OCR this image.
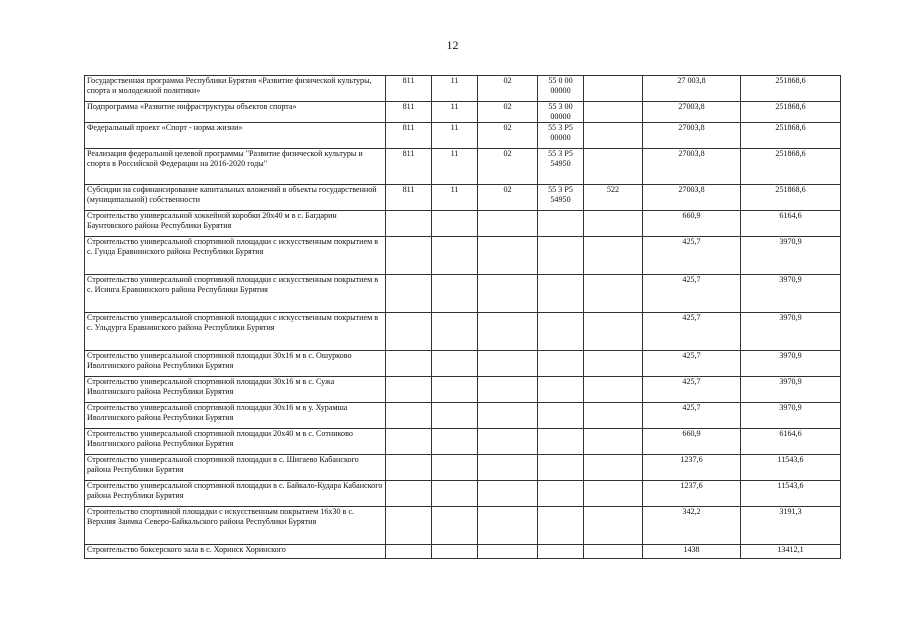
12
Государственная программа Республики Бурятия «Развитие физической культуры, спорта и молодежной политики»	811	11	02	55 0 00 00000		27 003,8	251868,6
Подпрограмма «Развитие инфраструктуры объектов спорта»	811	11	02	55 3 00 00000		27003,8	251868,6
Федеральный проект «Спорт - норма жизни»	811	11	02	55 3 P5 00000		27003,8	251868,6
Реализация федеральной целевой программы "Развитие физической культуры и спорта в Российской Федерации на 2016-2020 годы"	811	11	02	55 3 P5 54950		27003,8	251868,6
Субсидии на софинансирование капитальных вложений в объекты государственной (муниципальной) собственности	811	11	02	55 3 P5 54950	522	27003,8	251868,6
Строительство универсальной хоккейной коробки 20х40 м в с. Багдарин Баунтовского района Республики Бурятия						660,9	6164,6
Строительство универсальной спортивной площадки с искусственным покрытием в с. Гунда Еравнинского района Республики Бурятия						425,7	3970,9
Строительство универсальной спортивной площадки с искусственным покрытием в с. Исинга Еравнинского района Республики Бурятия						425,7	3970,9
Строительство универсальной спортивной площадки с искусственным покрытием в с. Ульдурга Еравнинского района Республики Бурятия						425,7	3970,9
Строительство универсальной спортивной площадки 30х16 м в с. Ошурково Иволгинского района Республики Бурятия						425,7	3970,9
Строительство универсальной спортивной площадки 30х16 м в с. Сужа Иволгинского района Республики Бурятия						425,7	3970,9
Строительство универсальной спортивной площадки 30х16 м в у. Хурамша Иволгинского района Республики Бурятия						425,7	3970,9
Строительство универсальной спортивной площадки 20х40 м в с. Сотниково Иволгинского района Республики Бурятия						660,9	6164,6
Строительство универсальной спортивной площадки в с. Шигаево Кабанского района Республики Бурятия						1237,6	11543,6
Строительство универсальной спортивной площадки в с. Байкало-Кудара Кабанского района Республики Бурятия						1237,6	11543,6
Строительство спортивной площадки с искусственным покрытием 16х30 в с. Верхняя Заимка Северо-Байкальского района Республики Бурятия						342,2	3191,3
Строительство боксерского зала в с. Хоринск Хоринского						1438	13412,1
